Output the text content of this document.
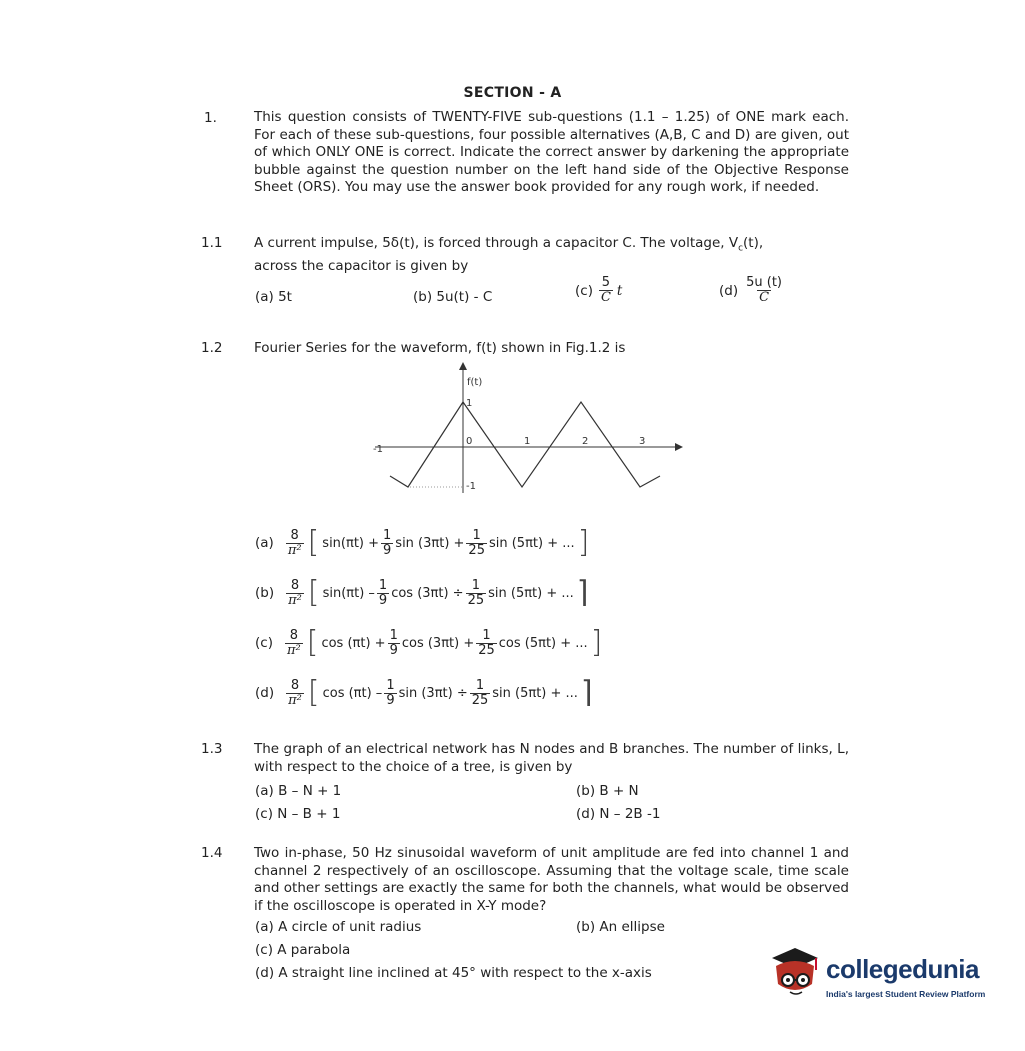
SECTION - A
1.	This question consists of TWENTY-FIVE sub-questions (1.1 – 1.25) of ONE mark each. For each of these sub-questions, four possible alternatives (A,B, C and D) are given, out of which ONLY ONE is correct. Indicate the correct answer by darkening the appropriate bubble against the question number on the left hand side of the Objective Response Sheet (ORS). You may use the answer book provided for any rough work, if needed.
1.1 A current impulse, 5δ(t), is forced through a capacitor C. The voltage, $V_c(t)$,
across the capacitor is given by
(a) 5t	(b) 5u(t) - C	$(c) \frac{5}{C}$ t	$(d) \frac{5u (t)}{C}$
1.2 Fourier Series for the waveform, f(t) shown in Fig.1.2 is
f(t)
1
-1
-1
0	1	2	3
$(a) \frac{8}{\text{π²}}$ [ $\sin(\pi t) + \frac{1}{9}$ $\sin (3\pi t) + \frac{1}{25}$ sin (5πt) + ... ]
$(b) \frac{8}{\text{π²}}$ [ $\sin(\pi t) - \frac{1}{9}$ $\cos (3\pi t) \div \frac{1}{25}$ sin (5πt) + ... ⌉
$(c) \frac{8}{\text{π²}}$ [ $\cos (\pi t) + \frac{1}{9}$ $\cos (3\pi t) + \frac{1}{25}$ cos (5πt) + ... ]
$(d) \frac{8}{\text{π²}}$ [ $\cos (\pi t) - \frac{1}{9}$ $\sin (3\pi t) \div \frac{1}{25}$ sin (5πt) + ... ⌉
1.3 The graph of an electrical network has N nodes and B branches. The number of links, L, with respect to the choice of a tree, is given by
(a) B – N + 1	(b) B + N
(c) N – B + 1	(d) N – 2B -1
1.4 Two in-phase, 50 Hz sinusoidal waveform of unit amplitude are fed into channel 1 and channel 2 respectively of an oscilloscope. Assuming that the voltage scale, time scale and other settings are exactly the same for both the channels, what would be observed if the oscilloscope is operated in X-Y mode?
(a) A circle of unit radius	(b) An ellipse
(c) A parabola
(d) A straight line inclined at 45° with respect to the x-axis	collegedunia
India's largest Student Review Platform
